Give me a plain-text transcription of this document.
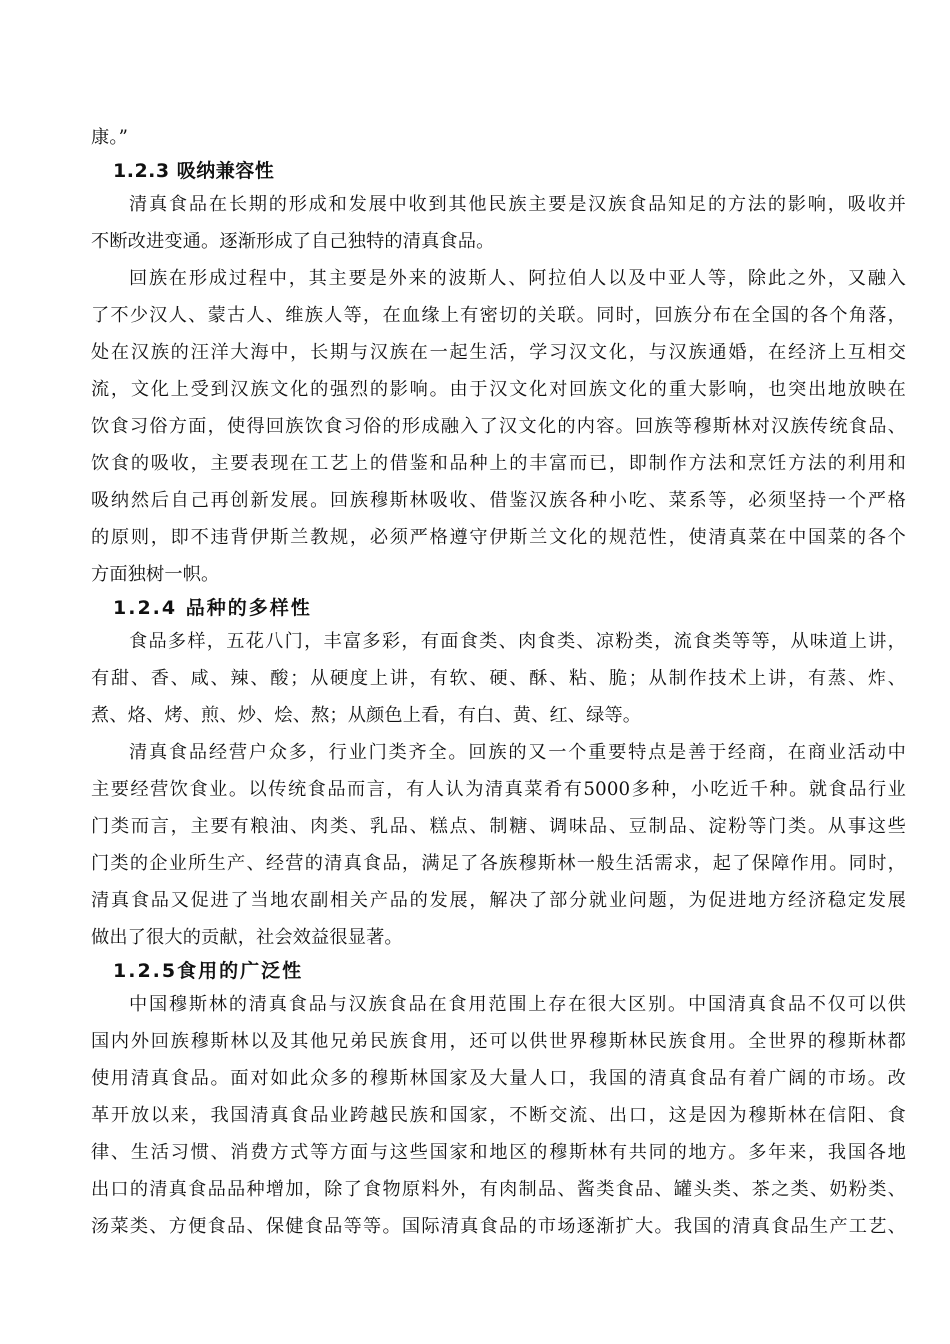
康。”
1.2.3 吸纳兼容性
清真食品在长期的形成和发展中收到其他民族主要是汉族食品知足的方法的影响，吸收并
不断改进变通。逐渐形成了自己独特的清真食品。
回族在形成过程中，其主要是外来的波斯人、阿拉伯人以及中亚人等，除此之外，又融入
了不少汉人、蒙古人、维族人等，在血缘上有密切的关联。同时，回族分布在全国的各个角落，
处在汉族的汪洋大海中，长期与汉族在一起生活，学习汉文化，与汉族通婚，在经济上互相交
流，文化上受到汉族文化的强烈的影响。由于汉文化对回族文化的重大影响，也突出地放映在
饮食习俗方面，使得回族饮食习俗的形成融入了汉文化的内容。回族等穆斯林对汉族传统食品、
饮食的吸收，主要表现在工艺上的借鉴和品种上的丰富而已，即制作方法和烹饪方法的利用和
吸纳然后自己再创新发展。回族穆斯林吸收、借鉴汉族各种小吃、菜系等，必须坚持一个严格
的原则，即不违背伊斯兰教规，必须严格遵守伊斯兰文化的规范性，使清真菜在中国菜的各个
方面独树一帜。
1.2.4 品种的多样性
食品多样，五花八门，丰富多彩，有面食类、肉食类、凉粉类，流食类等等，从味道上讲，
有甜、香、咸、辣、酸；从硬度上讲，有软、硬、酥、粘、脆；从制作技术上讲，有蒸、炸、
煮、烙、烤、煎、炒、烩、熬；从颜色上看，有白、黄、红、绿等。
清真食品经营户众多，行业门类齐全。回族的又一个重要特点是善于经商，在商业活动中
主要经营饮食业。以传统食品而言，有人认为清真菜肴有5000多种，小吃近千种。就食品行业
门类而言，主要有粮油、肉类、乳品、糕点、制糖、调味品、豆制品、淀粉等门类。从事这些
门类的企业所生产、经营的清真食品，满足了各族穆斯林一般生活需求，起了保障作用。同时，
清真食品又促进了当地农副相关产品的发展，解决了部分就业问题，为促进地方经济稳定发展
做出了很大的贡献，社会效益很显著。
1.2.5食用的广泛性
中国穆斯林的清真食品与汉族食品在食用范围上存在很大区别。中国清真食品不仅可以供
国内外回族穆斯林以及其他兄弟民族食用，还可以供世界穆斯林民族食用。全世界的穆斯林都
使用清真食品。面对如此众多的穆斯林国家及大量人口，我国的清真食品有着广阔的市场。改
革开放以来，我国清真食品业跨越民族和国家，不断交流、出口，这是因为穆斯林在信阳、食
律、生活习惯、消费方式等方面与这些国家和地区的穆斯林有共同的地方。多年来，我国各地
出口的清真食品品种增加，除了食物原料外，有肉制品、酱类食品、罐头类、茶之类、奶粉类、
汤菜类、方便食品、保健食品等等。国际清真食品的市场逐渐扩大。我国的清真食品生产工艺、
